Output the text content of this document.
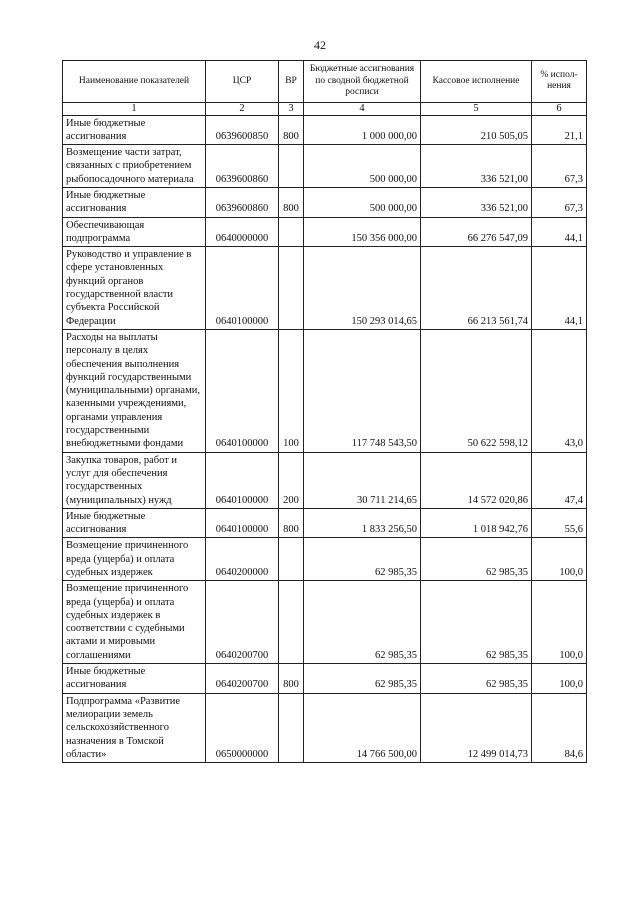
42
Наименование показателей	ЦСР	ВР	Бюджетные ассигнования по сводной бюджетной росписи	Кассовое исполнение	% испол-нения
1	2	3	4	5	6
Иные бюджетные ассигнования	0639600850	800	1 000 000,00	210 505,05	21,1
Возмещение части затрат, связанных с приобретением рыбопосадочного материала	0639600860		500 000,00	336 521,00	67,3
Иные бюджетные ассигнования	0639600860	800	500 000,00	336 521,00	67,3
Обеспечивающая подпрограмма	0640000000		150 356 000,00	66 276 547,09	44,1
Руководство и управление в сфере установленных функций органов государственной власти субъекта Российской Федерации	0640100000		150 293 014,65	66 213 561,74	44,1
Расходы на выплаты персоналу в целях обеспечения выполнения функций государственными (муниципальными) органами, казенными учреждениями, органами управления государственными внебюджетными фондами	0640100000	100	117 748 543,50	50 622 598,12	43,0
Закупка товаров, работ и услуг для обеспечения государственных (муниципальных) нужд	0640100000	200	30 711 214,65	14 572 020,86	47,4
Иные бюджетные ассигнования	0640100000	800	1 833 256,50	1 018 942,76	55,6
Возмещение причиненного вреда (ущерба) и оплата судебных издержек	0640200000		62 985,35	62 985,35	100,0
Возмещение причиненного вреда (ущерба) и оплата судебных издержек в соответствии с судебными актами и мировыми соглашениями	0640200700		62 985,35	62 985,35	100,0
Иные бюджетные ассигнования	0640200700	800	62 985,35	62 985,35	100,0
Подпрограмма «Развитие мелиорации земель сельскохозяйственного назначения в Томской области»	0650000000		14 766 500,00	12 499 014,73	84,6
